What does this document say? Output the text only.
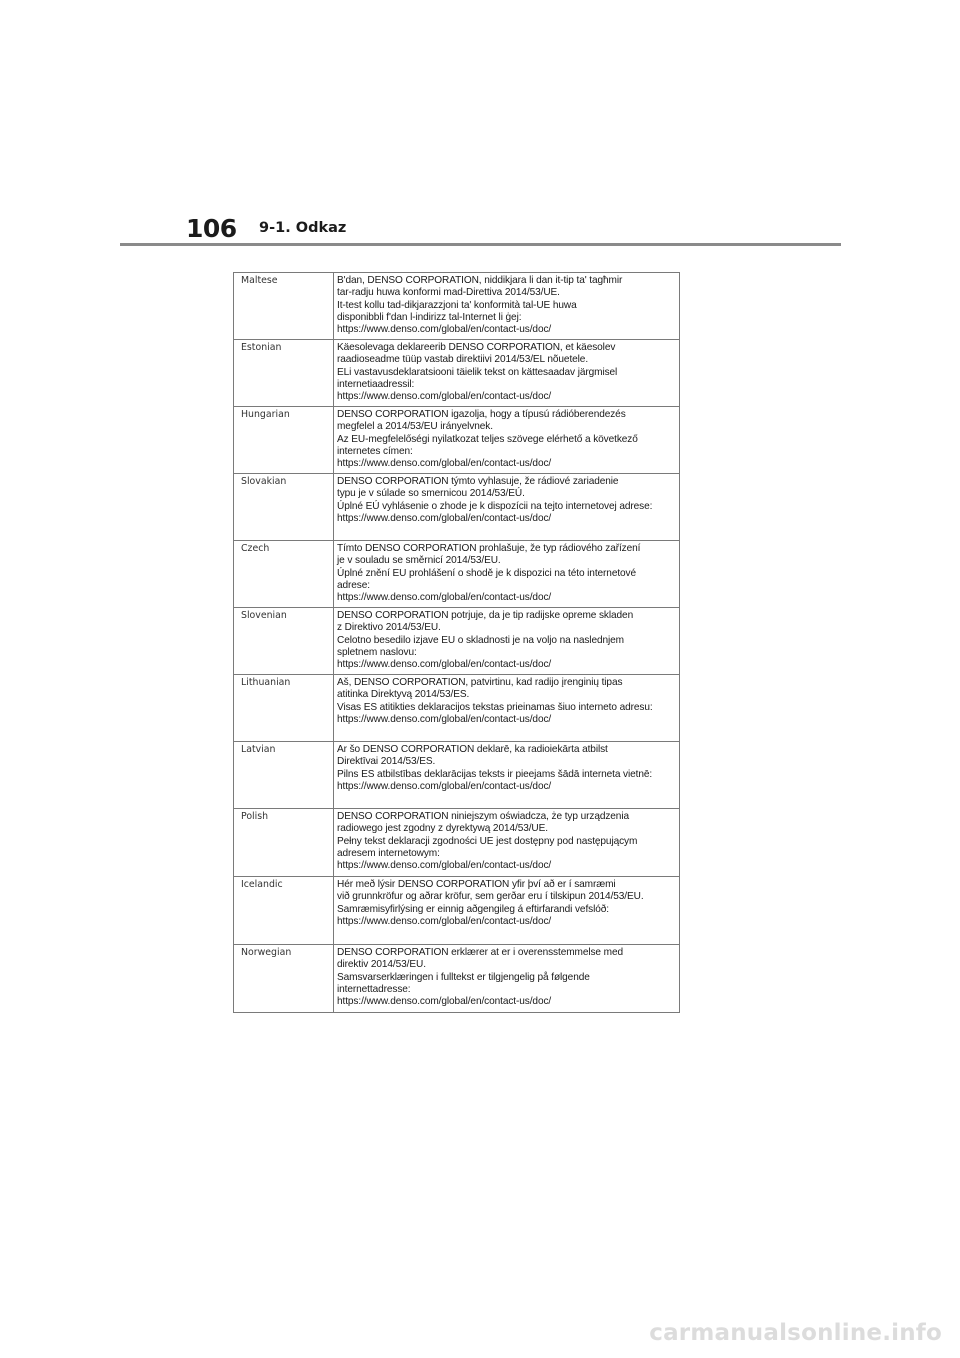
106 9-1. Odkaz
Maltese	B'dan, DENSO CORPORATION, niddikjara li dan it-tip ta' tagħmir
tar-radju huwa konformi mad-Direttiva 2014/53/UE.
It-test kollu tad-dikjarazzjoni ta' konformità tal-UE huwa
disponibbli f'dan l-indirizz tal-Internet li ġej:
https://www.denso.com/global/en/contact-us/doc/

Estonian	Käesolevaga deklareerib DENSO CORPORATION, et käesolev
raadioseadme tüüp vastab direktiivi 2014/53/EL nõuetele.
ELi vastavusdeklaratsiooni täielik tekst on kättesaadav järgmisel
internetiaadressil:
https://www.denso.com/global/en/contact-us/doc/

Hungarian	DENSO CORPORATION igazolja, hogy a típusú rádióberendezés
megfelel a 2014/53/EU irányelvnek.
Az EU-megfelelőségi nyilatkozat teljes szövege elérhető a következő
internetes címen:
https://www.denso.com/global/en/contact-us/doc/

Slovakian	DENSO CORPORATION týmto vyhlasuje, že rádiové zariadenie
typu je v súlade so smernicou 2014/53/EÚ.
Úplné EÚ vyhlásenie o zhode je k dispozícii na tejto internetovej adrese:
https://www.denso.com/global/en/contact-us/doc/

Czech	Tímto DENSO CORPORATION prohlašuje, že typ rádiového zařízení
je v souladu se směrnicí 2014/53/EU.
Úplné znění EU prohlášení o shodě je k dispozici na této internetové
adrese:
https://www.denso.com/global/en/contact-us/doc/

Slovenian	DENSO CORPORATION potrjuje, da je tip radijske opreme skladen
z Direktivo 2014/53/EU.
Celotno besedilo izjave EU o skladnosti je na voljo na naslednjem
spletnem naslovu:
https://www.denso.com/global/en/contact-us/doc/

Lithuanian	Aš, DENSO CORPORATION, patvirtinu, kad radijo įrenginių tipas
atitinka Direktyvą 2014/53/ES.
Visas ES atitikties deklaracijos tekstas prieinamas šiuo interneto adresu:
https://www.denso.com/global/en/contact-us/doc/

Latvian	Ar šo DENSO CORPORATION deklarē, ka radioiekārta atbilst
Direktīvai 2014/53/ES.
Pilns ES atbilstības deklarācijas teksts ir pieejams šādā interneta vietnē:
https://www.denso.com/global/en/contact-us/doc/

Polish	DENSO CORPORATION niniejszym oświadcza, że typ urządzenia
radiowego jest zgodny z dyrektywą 2014/53/UE.
Pełny tekst deklaracji zgodności UE jest dostępny pod następującym
adresem internetowym:
https://www.denso.com/global/en/contact-us/doc/

Icelandic	Hér með lýsir DENSO CORPORATION yfir því að er í samræmi
við grunnkröfur og aðrar kröfur, sem gerðar eru í tilskipun 2014/53/EU.
Samræmisyfirlýsing er einnig aðgengileg á eftirfarandi vefslóð:
https://www.denso.com/global/en/contact-us/doc/

Norwegian	DENSO CORPORATION erklærer at er i overensstemmelse med
direktiv 2014/53/EU.
Samsvarserklæringen i fulltekst er tilgjengelig på følgende
internettadresse:
https://www.denso.com/global/en/contact-us/doc/
carmanualsonline.info
